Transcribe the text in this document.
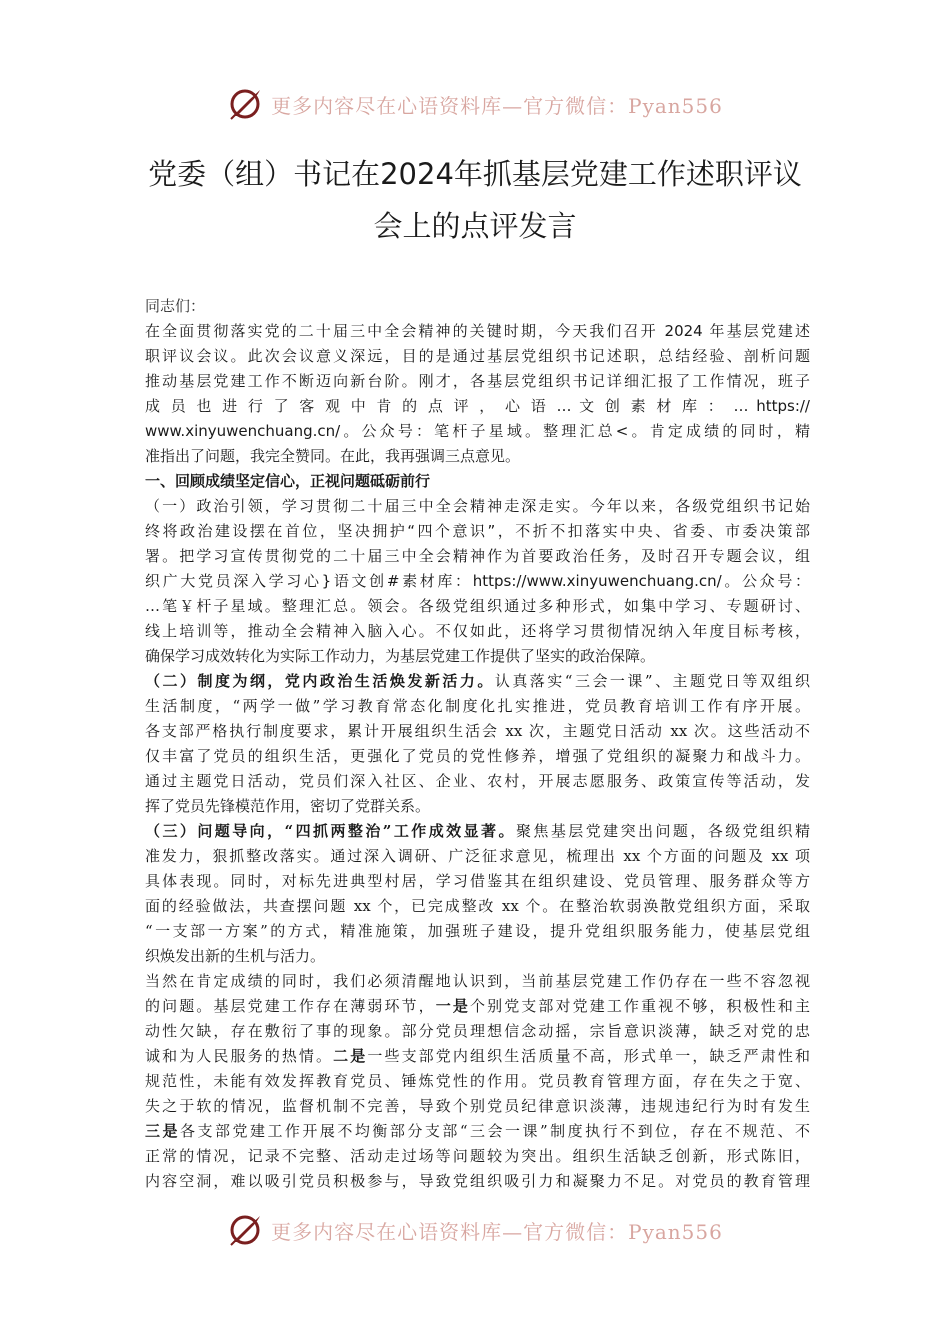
更多内容尽在心语资料库—官方微信：Pyan556
党委（组）书记在2024年抓基层党建工作述职评议
会上的点评发言

同志们：

在全面贯彻落实党的二十届三中全会精神的关键时期，今天我们召开 2024 年基层党建述

职评议会议。此次会议意义深远，目的是通过基层党组织书记述职，总结经验、剖析问题

推动基层党建工作不断迈向新台阶。刚才，各基层党组织书记详细汇报了工作情况，班子

成 员 也 进 行 了 客 观 中 肯 的 点 评 ， 心 语 … 文 创 素 材 库 ： … https://

www.xinyuwenchuang.cn/。公众号：笔杆子星域。整理汇总<。肯定成绩的同时，精

准指出了问题，我完全赞同。在此，我再强调三点意见。

一、回顾成绩坚定信心，正视问题砥砺前行

（一）政治引领，学习贯彻二十届三中全会精神走深走实。今年以来，各级党组织书记始

终将政治建设摆在首位，坚决拥护“四个意识”，不折不扣落实中央、省委、市委决策部

署。把学习宣传贯彻党的二十届三中全会精神作为首要政治任务，及时召开专题会议，组

织广大党员深入学习心}语文创#素材库：https://www.xinyuwenchuang.cn/。公众号：

…笔￥杆子星域。整理汇总。领会。各级党组织通过多种形式，如集中学习、专题研讨、

线上培训等，推动全会精神入脑入心。不仅如此，还将学习贯彻情况纳入年度目标考核，

确保学习成效转化为实际工作动力，为基层党建工作提供了坚实的政治保障。

（二）制度为纲，党内政治生活焕发新活力。认真落实“三会一课”、主题党日等双组织

生活制度，“两学一做”学习教育常态化制度化扎实推进，党员教育培训工作有序开展。

各支部严格执行制度要求，累计开展组织生活会 xx 次，主题党日活动 xx 次。这些活动不

仅丰富了党员的组织生活，更强化了党员的党性修养，增强了党组织的凝聚力和战斗力。

通过主题党日活动，党员们深入社区、企业、农村，开展志愿服务、政策宣传等活动，发

挥了党员先锋模范作用，密切了党群关系。

（三）问题导向，“四抓两整治”工作成效显著。聚焦基层党建突出问题，各级党组织精

准发力，狠抓整改落实。通过深入调研、广泛征求意见，梳理出 xx 个方面的问题及 xx 项

具体表现。同时，对标先进典型村居，学习借鉴其在组织建设、党员管理、服务群众等方

面的经验做法，共查摆问题 xx 个，已完成整改 xx 个。在整治软弱涣散党组织方面，采取

“一支部一方案”的方式，精准施策，加强班子建设，提升党组织服务能力，使基层党组

织焕发出新的生机与活力。

当然在肯定成绩的同时，我们必须清醒地认识到，当前基层党建工作仍存在一些不容忽视

的问题。基层党建工作存在薄弱环节，一是个别党支部对党建工作重视不够，积极性和主

动性欠缺，存在敷衍了事的现象。部分党员理想信念动摇，宗旨意识淡薄，缺乏对党的忠

诚和为人民服务的热情。二是一些支部党内组织生活质量不高，形式单一，缺乏严肃性和

规范性，未能有效发挥教育党员、锤炼党性的作用。党员教育管理方面，存在失之于宽、

失之于软的情况，监督机制不完善，导致个别党员纪律意识淡薄，违规违纪行为时有发生

三是各支部党建工作开展不均衡部分支部“三会一课”制度执行不到位，存在不规范、不

正常的情况，记录不完整、活动走过场等问题较为突出。组织生活缺乏创新，形式陈旧，

内容空洞，难以吸引党员积极参与，导致党组织吸引力和凝聚力不足。对党员的教育管理

更多内容尽在心语资料库—官方微信：Pyan556
